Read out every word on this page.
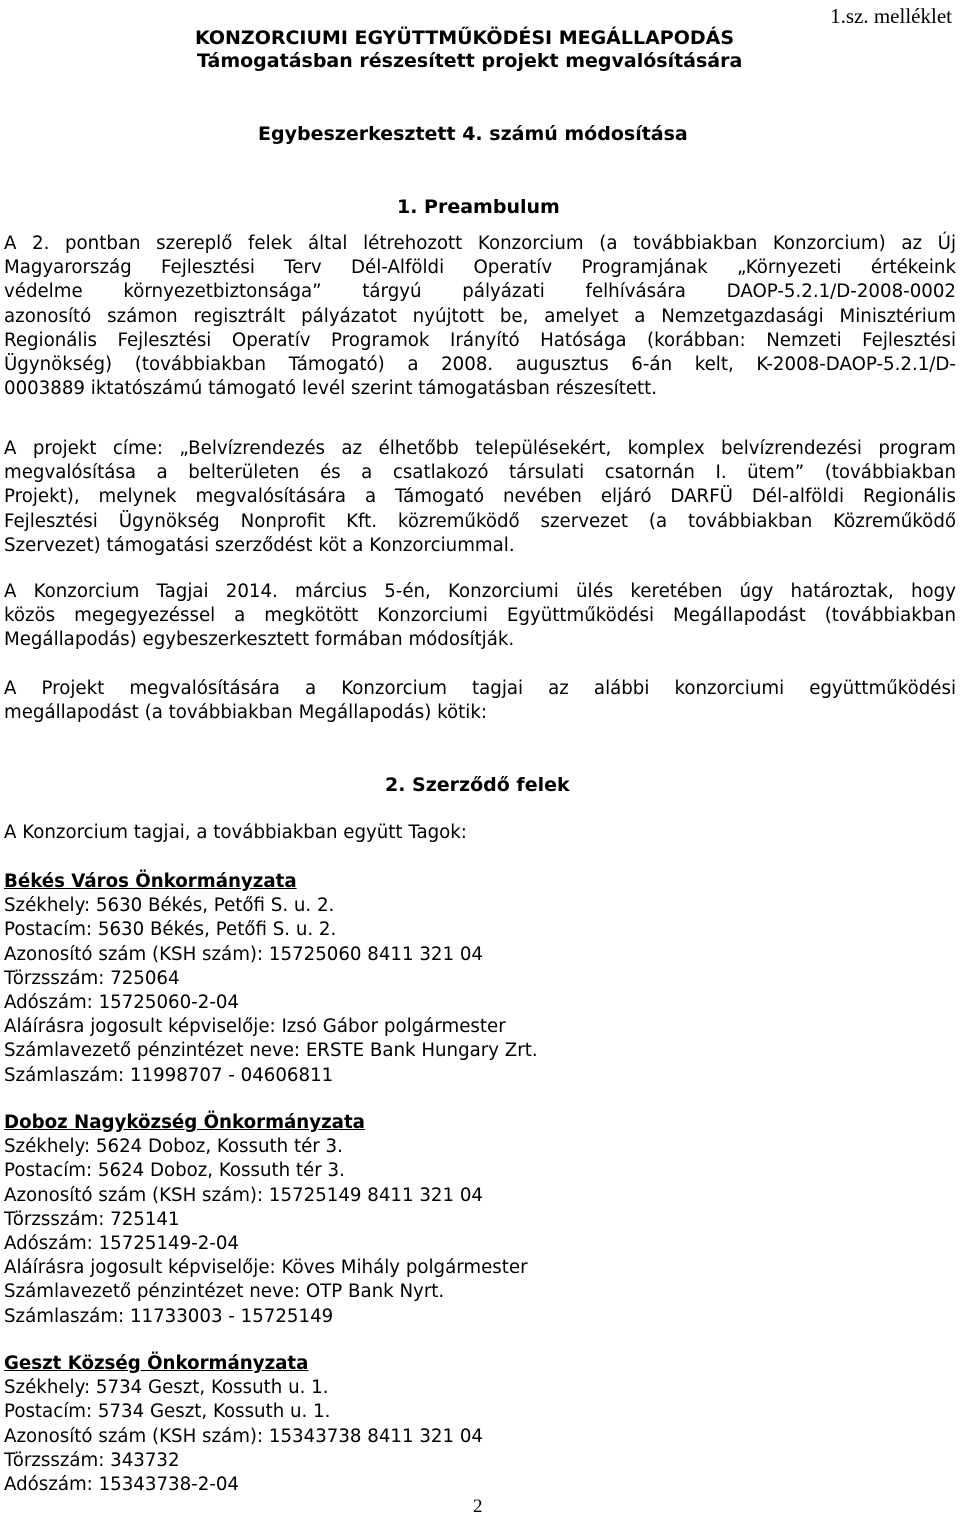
KONZORCIUMI EGYÜTTMŰKÖDÉSI MEGÁLLAPODÁS
Támogatásban részesített projekt megvalósítására
1.sz. melléklet
Egybeszerkesztett 4. számú módosítása
1. Preambulum
A 2. pontban szereplő felek által létrehozott Konzorcium (a továbbiakban Konzorcium) az Új
Magyarország Fejlesztési Terv Dél-Alföldi Operatív Programjának „Környezeti értékeink
védelme környezetbiztonsága” tárgyú pályázati felhívására DAOP-5.2.1/D-2008-0002
azonosító számon regisztrált pályázatot nyújtott be, amelyet a Nemzetgazdasági Minisztérium
Regionális Fejlesztési Operatív Programok Irányító Hatósága (korábban: Nemzeti Fejlesztési
Ügynökség) (továbbiakban Támogató) a 2008. augusztus 6-án kelt, K-2008-DAOP-5.2.1/D-
0003889 iktatószámú támogató levél szerint támogatásban részesített.
A projekt címe: „Belvízrendezés az élhetőbb településekért, komplex belvízrendezési program
megvalósítása a belterületen és a csatlakozó társulati csatornán I. ütem” (továbbiakban
Projekt), melynek megvalósítására a Támogató nevében eljáró DARFÜ Dél-alföldi Regionális
Fejlesztési Ügynökség Nonprofit Kft. közreműködő szervezet (a továbbiakban Közreműködő
Szervezet) támogatási szerződést köt a Konzorciummal.
A Konzorcium Tagjai 2014. március 5-én, Konzorciumi ülés keretében úgy határoztak, hogy
közös megegyezéssel a megkötött Konzorciumi Együttműködési Megállapodást (továbbiakban
Megállapodás) egybeszerkesztett formában módosítják.
A Projekt megvalósítására a Konzorcium tagjai az alábbi konzorciumi együttműködési
megállapodást (a továbbiakban Megállapodás) kötik:
2. Szerződő felek
A Konzorcium tagjai, a továbbiakban együtt Tagok:
Békés Város Önkormányzata
Székhely: 5630 Békés, Petőfi S. u. 2.
Postacím: 5630 Békés, Petőfi S. u. 2.
Azonosító szám (KSH szám): 15725060 8411 321 04
Törzsszám: 725064
Adószám: 15725060-2-04
Aláírásra jogosult képviselője: Izsó Gábor polgármester
Számlavezető pénzintézet neve: ERSTE Bank Hungary Zrt.
Számlaszám: 11998707 - 04606811
Doboz Nagyközség Önkormányzata
Székhely: 5624 Doboz, Kossuth tér 3.
Postacím: 5624 Doboz, Kossuth tér 3.
Azonosító szám (KSH szám): 15725149 8411 321 04
Törzsszám: 725141
Adószám: 15725149-2-04
Aláírásra jogosult képviselője: Köves Mihály polgármester
Számlavezető pénzintézet neve: OTP Bank Nyrt.
Számlaszám: 11733003 - 15725149
Geszt Község Önkormányzata
Székhely: 5734 Geszt, Kossuth u. 1.
Postacím: 5734 Geszt, Kossuth u. 1.
Azonosító szám (KSH szám): 15343738 8411 321 04
Törzsszám: 343732
Adószám: 15343738-2-04
2
